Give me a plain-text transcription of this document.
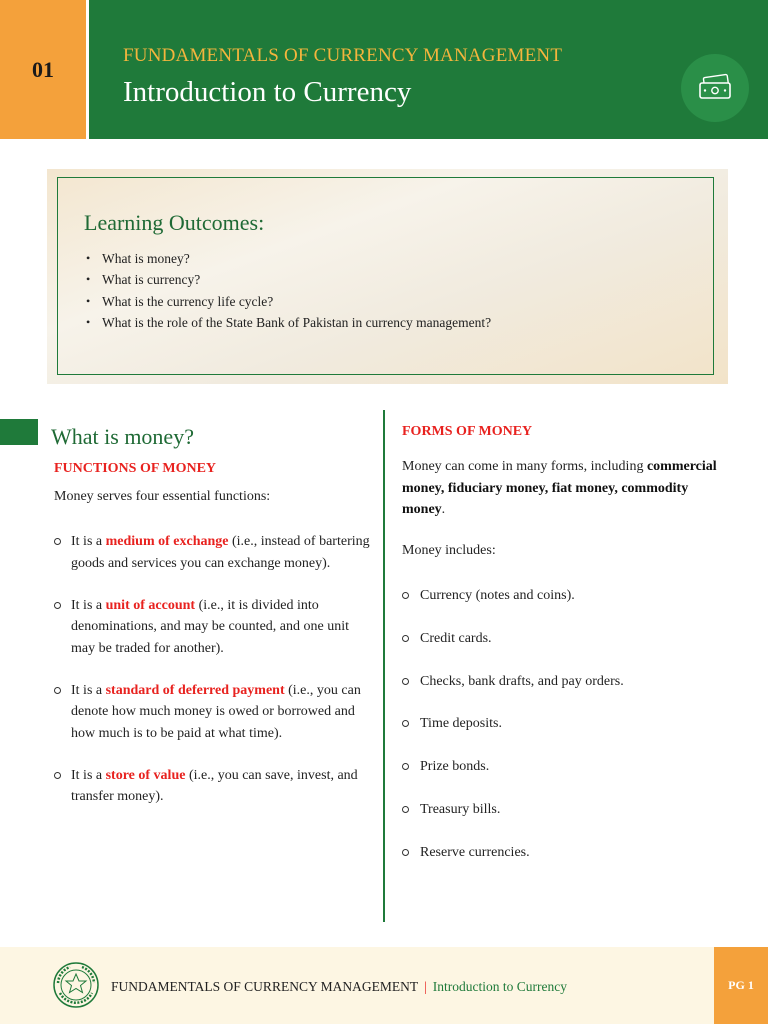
01
FUNDAMENTALS OF CURRENCY MANAGEMENT
Introduction to Currency
Learning Outcomes:
• What is money?
• What is currency?
• What is the currency life cycle?
• What is the role of the State Bank of Pakistan in currency management?
What is money?
FUNCTIONS OF MONEY
Money serves four essential functions:
It is a medium of exchange (i.e., instead of bartering goods and services you can exchange money).
It is a unit of account (i.e., it is divided into denominations, and may be counted, and one unit may be traded for another).
It is a standard of deferred payment (i.e., you can denote how much money is owed or borrowed and how much is to be paid at what time).
It is a store of value (i.e., you can save, invest, and transfer money).
FORMS OF MONEY
Money can come in many forms, including commercial money, fiduciary money, fiat money, commodity money.
Money includes:
Currency (notes and coins).
Credit cards.
Checks, bank drafts, and pay orders.
Time deposits.
Prize bonds.
Treasury bills.
Reserve currencies.
FUNDAMENTALS OF CURRENCY MANAGEMENT | Introduction to Currency	PG 1
